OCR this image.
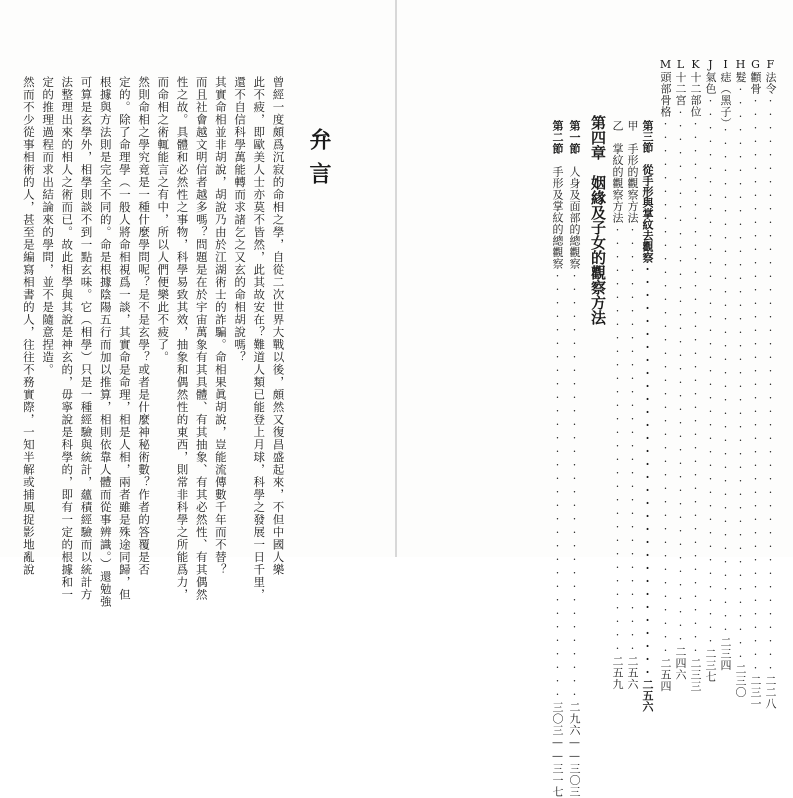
弁言
曾經一度頗爲沉寂的命相之學，自從二次世界大戰以後，頗然又復昌盛起來，不但中國人樂
此不疲，即歐美人士亦莫不皆然，此其故安在？難道人類已能登上月球，科學之發展一日千里，
還不自信科學萬能轉而求諸乞之又玄的命相胡說嗎？
其實命相並非胡說，胡說乃由於江湖術士的詐騙。命相果眞胡說，豈能流傳數千年而不替？
而且社會越文明信者越多嗎？問題是在於宇宙萬象有其具體、有其抽象、有其必然性、有其偶然
性之故。具體和必然性之事物，科學易致其效，抽象和偶然性的東西，則常非科學之所能爲力，
而命相之術輒能言之有中，所以人們便樂此不疲了。
然則命相之學究竟是一種什麼學問呢？是不是玄學？或者是什麼神秘術數？作者的答覆是否
定的。除了命理學（一般人將命相視爲一談，其實命是命理，相是人相，兩者雖是殊途同歸，但
根據與方法則是完全不同的。命是根據陰陽五行而加以推算，相則依靠人體而從事辨識。）還勉強
可算是玄學外，相學則談不到一點玄味。它（相學）只是一種經驗與統計，蘊積經驗而以統計方
法整理出來的相人之術而已。故此相學與其說是神玄的，毋寧說是科學的，即有一定的根據和一
定的推理過程而求出結論來的學問，並不是隨意捏造。
然而不少從事相術的人，甚至是編寫相書的人，往往不務實際，一知半解或捕風捉影地亂說
F法令···········································二二八
G顴骨···········································二三一
H髮···········································二三〇
I痣（黑子）······································二三四
J氣色·········································二三七
K十二部位········································二三三
L十二宮········································二四六
M頭部骨格········································二五四
第三節　從手形與掌紋去觀察································二五六
甲　手形的觀察方法································二五六
乙　掌紋的觀察方法································二五九
第四章　姻緣及子女的觀察方法
第一節　人身及面部的總觀察································二九六——三〇三
第二節　手形及掌紋的總觀察································三〇三——三一七
